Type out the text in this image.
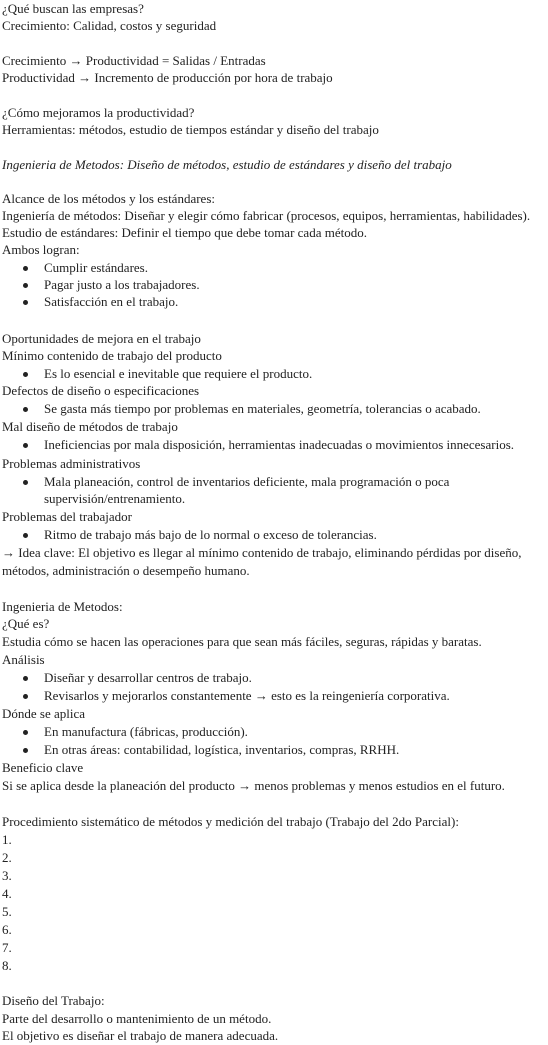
¿Qué buscan las empresas?
Crecimiento: Calidad, costos y seguridad
Crecimiento → Productividad = Salidas / Entradas
Productividad → Incremento de producción por hora de trabajo
¿Cómo mejoramos la productividad?
Herramientas: métodos, estudio de tiempos estándar y diseño del trabajo
Ingenieria de Metodos: Diseño de métodos, estudio de estándares y diseño del trabajo
Alcance de los métodos y los estándares:
Ingeniería de métodos: Diseñar y elegir cómo fabricar (procesos, equipos, herramientas, habilidades).
Estudio de estándares: Definir el tiempo que debe tomar cada método.
Ambos logran:
Cumplir estándares.
Pagar justo a los trabajadores.
Satisfacción en el trabajo.
Oportunidades de mejora en el trabajo
Mínimo contenido de trabajo del producto
Es lo esencial e inevitable que requiere el producto.
Defectos de diseño o especificaciones
Se gasta más tiempo por problemas en materiales, geometría, tolerancias o acabado.
Mal diseño de métodos de trabajo
Ineficiencias por mala disposición, herramientas inadecuadas o movimientos innecesarios.
Problemas administrativos
Mala planeación, control de inventarios deficiente, mala programación o poca
supervisión/entrenamiento.
Problemas del trabajador
Ritmo de trabajo más bajo de lo normal o exceso de tolerancias.
→ Idea clave: El objetivo es llegar al mínimo contenido de trabajo, eliminando pérdidas por diseño,
métodos, administración o desempeño humano.
Ingenieria de Metodos:
¿Qué es?
Estudia cómo se hacen las operaciones para que sean más fáciles, seguras, rápidas y baratas.
Análisis
Diseñar y desarrollar centros de trabajo.
Revisarlos y mejorarlos constantemente → esto es la reingeniería corporativa.
Dónde se aplica
En manufactura (fábricas, producción).
En otras áreas: contabilidad, logística, inventarios, compras, RRHH.
Beneficio clave
Si se aplica desde la planeación del producto → menos problemas y menos estudios en el futuro.
Procedimiento sistemático de métodos y medición del trabajo (Trabajo del 2do Parcial):
1.
2.
3.
4.
5.
6.
7.
8.
Diseño del Trabajo:
Parte del desarrollo o mantenimiento de un método.
El objetivo es diseñar el trabajo de manera adecuada.
